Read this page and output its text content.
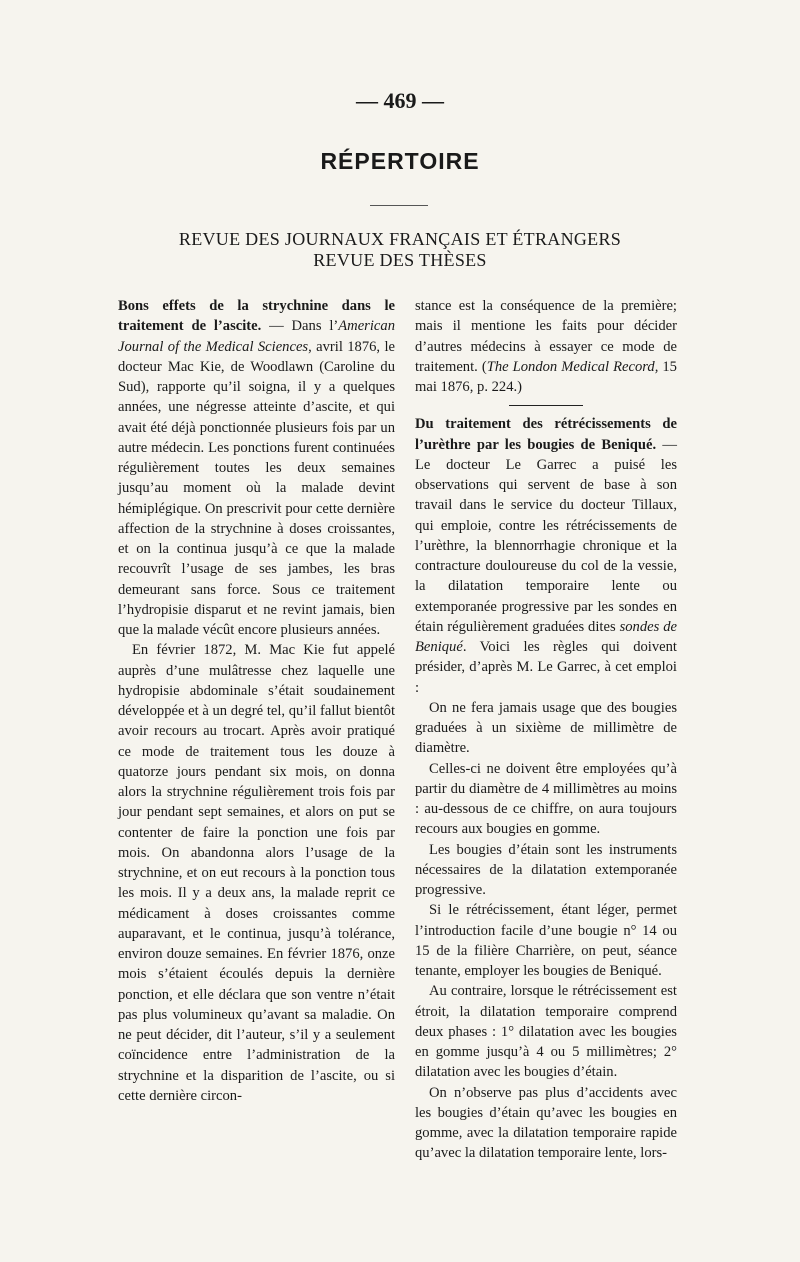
— 469 —
RÉPERTOIRE
REVUE DES JOURNAUX FRANÇAIS ET ÉTRANGERS
REVUE DES THÈSES

Bons effets de la strychnine dans le traitement de l’ascite. — Dans l’American Journal of the Medical Sciences, avril 1876, le docteur Mac Kie, de Woodlawn (Caroline du Sud), rapporte qu’il soigna, il y a quelques années, une négresse atteinte d’ascite, et qui avait été déjà ponctionnée plusieurs fois par un autre médecin. Les ponctions furent continuées régulièrement toutes les deux semaines jusqu’au moment où la malade devint hémiplégique. On prescrivit pour cette dernière affection de la strychnine à doses croissantes, et on la continua jusqu’à ce que la malade recouvrît l’usage de ses jambes, les bras demeurant sans force. Sous ce traitement l’hydropisie disparut et ne revint jamais, bien que la malade vécût encore plusieurs années.

En février 1872, M. Mac Kie fut appelé auprès d’une mulâtresse chez laquelle une hydropisie abdominale s’était soudainement développée et à un degré tel, qu’il fallut bientôt avoir recours au trocart. Après avoir pratiqué ce mode de traitement tous les douze à quatorze jours pendant six mois, on donna alors la strychnine régulièrement trois fois par jour pendant sept semaines, et alors on put se contenter de faire la ponction une fois par mois. On abandonna alors l’usage de la strychnine, et on eut recours à la ponction tous les mois. Il y a deux ans, la malade reprit ce médicament à doses croissantes comme auparavant, et le continua, jusqu’à tolérance, environ douze semaines. En février 1876, onze mois s’étaient écoulés depuis la dernière ponction, et elle déclara que son ventre n’était pas plus volumineux qu’avant sa maladie. On ne peut décider, dit l’auteur, s’il y a seulement coïncidence entre l’administration de la strychnine et la disparition de l’ascite, ou si cette dernière circon-

stance est la conséquence de la première; mais il mentione les faits pour décider d’autres médecins à essayer ce mode de traitement. (The London Medical Record, 15 mai 1876, p. 224.)

Du traitement des rétrécissements de l’urèthre par les bougies de Beniqué. — Le docteur Le Garrec a puisé les observations qui servent de base à son travail dans le service du docteur Tillaux, qui emploie, contre les rétrécissements de l’urèthre, la blennorrhagie chronique et la contracture douloureuse du col de la vessie, la dilatation temporaire lente ou extemporanée progressive par les sondes en étain régulièrement graduées dites sondes de Beniqué. Voici les règles qui doivent présider, d’après M. Le Garrec, à cet emploi :

On ne fera jamais usage que des bougies graduées à un sixième de millimètre de diamètre.

Celles-ci ne doivent être employées qu’à partir du diamètre de 4 millimètres au moins : au-dessous de ce chiffre, on aura toujours recours aux bougies en gomme.

Les bougies d’étain sont les instruments nécessaires de la dilatation extemporanée progressive.

Si le rétrécissement, étant léger, permet l’introduction facile d’une bougie n° 14 ou 15 de la filière Charrière, on peut, séance tenante, employer les bougies de Beniqué.

Au contraire, lorsque le rétrécissement est étroit, la dilatation temporaire comprend deux phases : 1° dilatation avec les bougies en gomme jusqu’à 4 ou 5 millimètres; 2° dilatation avec les bougies d’étain.

On n’observe pas plus d’accidents avec les bougies d’étain qu’avec les bougies en gomme, avec la dilatation temporaire rapide qu’avec la dilatation temporaire lente, lors-
